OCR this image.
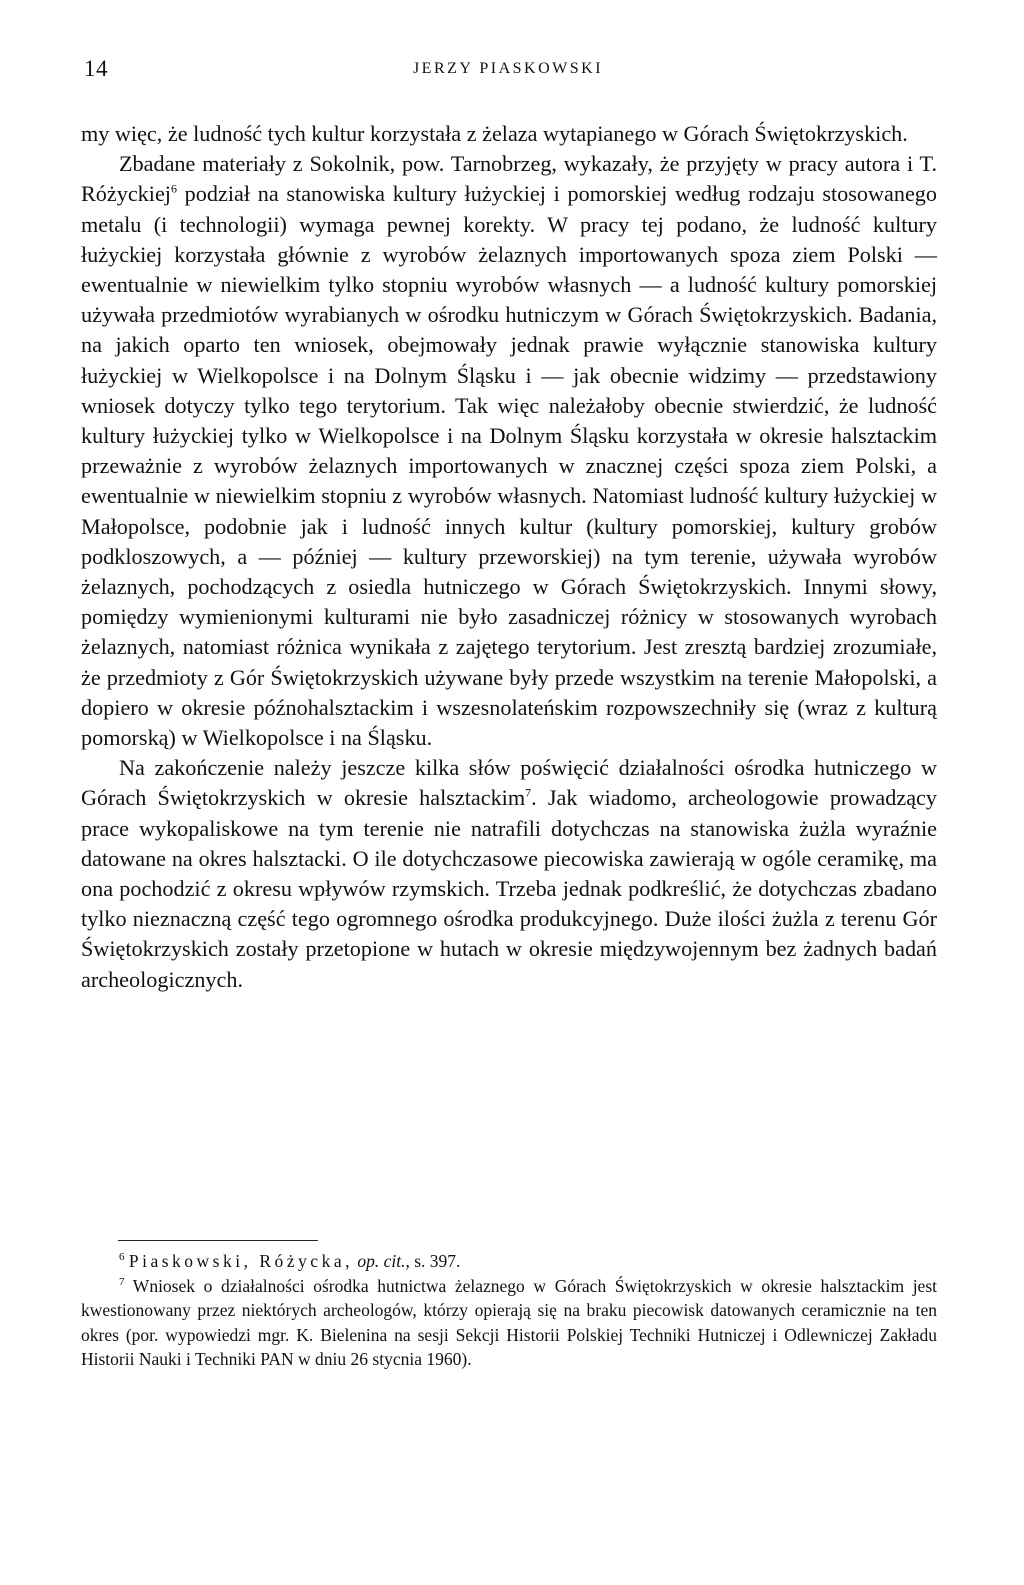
14	JERZY PIASKOWSKI

my więc, że ludność tych kultur korzystała z żelaza wytapianego w Górach Świętokrzyskich.

Zbadane materiały z Sokolnik, pow. Tarnobrzeg, wykazały, że przyjęty w pracy autora i T. Różyckiej$^6$ podział na stanowiska kultury łużyckiej i pomorskiej według rodzaju stosowanego metalu (i technologii) wymaga pewnej korekty. W pracy tej podano, że ludność kultury łużyckiej korzystała głównie z wyrobów żelaznych importowanych spoza ziem Polski — ewentualnie w niewielkim tylko stopniu wyrobów własnych — a ludność kultury pomorskiej używała przedmiotów wyrabianych w ośrodku hutniczym w Górach Świętokrzyskich. Badania, na jakich oparto ten wniosek, obejmowały jednak prawie wyłącznie stanowiska kultury łużyckiej w Wielkopolsce i na Dolnym Śląsku i — jak obecnie widzimy — przedstawiony wniosek dotyczy tylko tego terytorium. Tak więc należałoby obecnie stwierdzić, że ludność kultury łużyckiej tylko w Wielkopolsce i na Dolnym Śląsku korzystała w okresie halsztackim przeważnie z wyrobów żelaznych importowanych w znacznej części spoza ziem Polski, a ewentualnie w niewielkim stopniu z wyrobów własnych. Natomiast ludność kultury łużyckiej w Małopolsce, podobnie jak i ludność innych kultur (kultury pomorskiej, kultury grobów podkloszowych, a — później — kultury przeworskiej) na tym terenie, używała wyrobów żelaznych, pochodzących z osiedla hutniczego w Górach Świętokrzyskich. Innymi słowy, pomiędzy wymienionymi kulturami nie było zasadniczej różnicy w stosowanych wyrobach żelaznych, natomiast różnica wynikała z zajętego terytorium. Jest zresztą bardziej zrozumiałe, że przedmioty z Gór Świętokrzyskich używane były przede wszystkim na terenie Małopolski, a dopiero w okresie późnohalsztackim i wszesnolateńskim rozpowszechniły się (wraz z kulturą pomorską) w Wielkopolsce i na Śląsku.

Na zakończenie należy jeszcze kilka słów poświęcić działalności ośrodka hutniczego w Górach Świętokrzyskich w okresie halsztackim$^7$. Jak wiadomo, archeologowie prowadzący prace wykopaliskowe na tym terenie nie natrafili dotychczas na stanowiska żużla wyraźnie datowane na okres halsztacki. O ile dotychczasowe piecowiska zawierają w ogóle ceramikę, ma ona pochodzić z okresu wpływów rzymskich. Trzeba jednak podkreślić, że dotychczas zbadano tylko nieznaczną część tego ogromnego ośrodka produkcyjnego. Duże ilości żużla z terenu Gór Świętokrzyskich zostały przetopione w hutach w okresie międzywojennym bez żadnych badań archeologicznych.

$^6$ Piaskowski, Różycka, op. cit., s. 397.

$^7$ Wniosek o działalności ośrodka hutnictwa żelaznego w Górach Świętokrzyskich w okresie halsztackim jest kwestionowany przez niektórych archeologów, którzy opierają się na braku piecowisk datowanych ceramicznie na ten okres (por. wypowiedzi mgr. K. Bielenina na sesji Sekcji Historii Polskiej Techniki Hutniczej i Odlewniczej Zakładu Historii Nauki i Techniki PAN w dniu 26 stycnia 1960).
